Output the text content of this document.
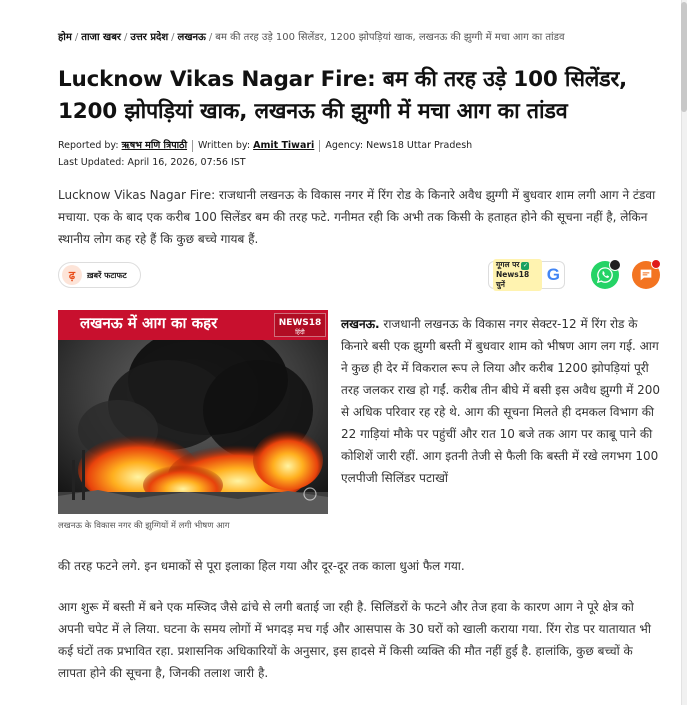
होम / ताजा खबर / उत्तर प्रदेश / लखनऊ / बम की तरह उड़े 100 सिलेंडर, 1200 झोपड़ियां खाक, लखनऊ की झुग्गी में मचा आग का तांडव
Lucknow Vikas Nagar Fire: बम की तरह उड़े 100 सिलेंडर, 1200 झोपड़ियां खाक, लखनऊ की झुग्गी में मचा आग का तांडव
Reported by: ऋषभ मणि त्रिपाठी Written by: Amit Tiwari Agency: News18 Uttar Pradesh
Last Updated: April 16, 2026, 07:56 IST

Lucknow Vikas Nagar Fire: राजधानी लखनऊ के विकास नगर में रिंग रोड के किनारे अवैध झुग्गी में बुधवार शाम लगी आग ने टंडवा मचाया. एक के बाद एक करीब 100 सिलेंडर बम की तरह फटे. गनीमत रही कि अभी तक किसी के हताहत होने की सूचना नहीं है, लेकिन स्थानीय लोग कह रहे हैं कि कुछ बच्चे गायब हैं.

ढ़	ख़बरें फटाफट
गूगल पर ✓
News18 चुनें
G
लखनऊ में आग का कहर	NEWS18
हिंदी
लखनऊ के विकास नगर की झुग्गियों में लगी भीषण आग

लखनऊ. राजधानी लखनऊ के विकास नगर सेक्टर-12 में रिंग रोड के किनारे बसी एक झुग्गी बस्ती में बुधवार शाम को भीषण आग लग गई. आग ने कुछ ही देर में विकराल रूप ले लिया और करीब 1200 झोपड़ियां पूरी तरह जलकर राख हो गईं. करीब तीन बीघे में बसी इस अवैध झुग्गी में 200 से अधिक परिवार रह रहे थे. आग की सूचना मिलते ही दमकल विभाग की 22 गाड़ियां मौके पर पहुंचीं और रात 10 बजे तक आग पर काबू पाने की कोशिशें जारी रहीं. आग इतनी तेजी से फैली कि बस्ती में रखे लगभग 100 एलपीजी सिलिंडर पटाखों

की तरह फटने लगे. इन धमाकों से पूरा इलाका हिल गया और दूर-दूर तक काला धुआं फैल गया.

आग शुरू में बस्ती में बने एक मस्जिद जैसे ढांचे से लगी बताई जा रही है. सिलिंडरों के फटने और तेज हवा के कारण आग ने पूरे क्षेत्र को अपनी चपेट में ले लिया. घटना के समय लोगों में भगदड़ मच गई और आसपास के 30 घरों को खाली कराया गया. रिंग रोड पर यातायात भी कई घंटों तक प्रभावित रहा. प्रशासनिक अधिकारियों के अनुसार, इस हादसे में किसी व्यक्ति की मौत नहीं हुई है. हालांकि, कुछ बच्चों के लापता होने की सूचना है, जिनकी तलाश जारी है.
